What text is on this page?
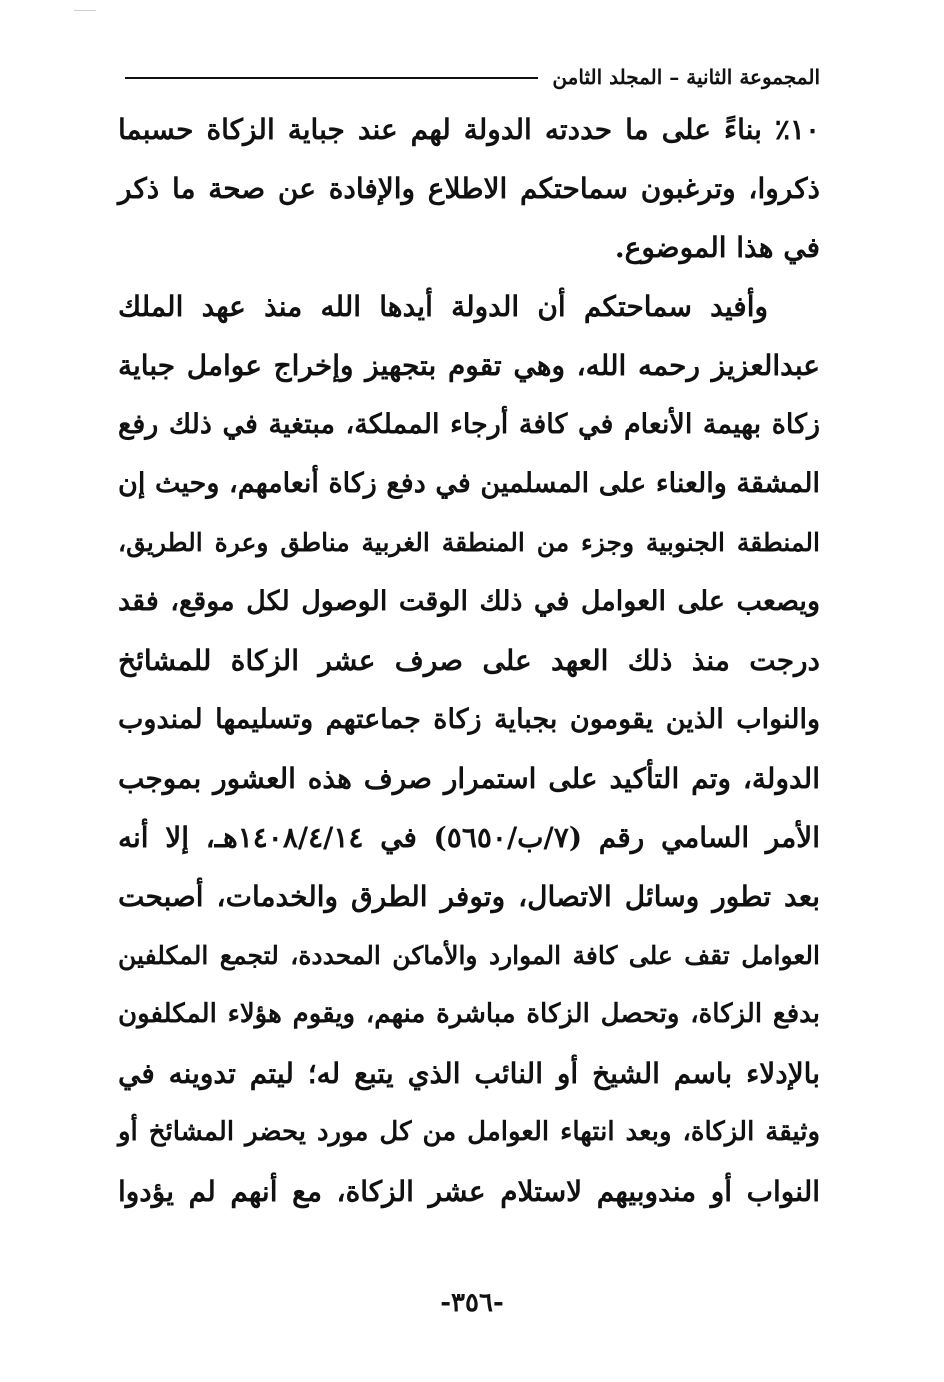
المجموعة الثانية – المجلد الثامن
١٠٪ بناءً على ما حددته الدولة لهم عند جباية الزكاة حسبما
ذكروا، وترغبون سماحتكم الاطلاع والإفادة عن صحة ما ذكر
في هذا الموضوع.
وأفيد سماحتكم أن الدولة أيدها الله منذ عهد الملك
عبدالعزيز رحمه الله، وهي تقوم بتجهيز وإخراج عوامل جباية
زكاة بهيمة الأنعام في كافة أرجاء المملكة، مبتغية في ذلك رفع
المشقة والعناء على المسلمين في دفع زكاة أنعامهم، وحيث إن
المنطقة الجنوبية وجزء من المنطقة الغربية مناطق وعرة الطريق،
ويصعب على العوامل في ذلك الوقت الوصول لكل موقع، فقد
درجت منذ ذلك العهد على صرف عشر الزكاة للمشائخ
والنواب الذين يقومون بجباية زكاة جماعتهم وتسليمها لمندوب
الدولة، وتم التأكيد على استمرار صرف هذه العشور بموجب
الأمر السامي رقم (٧/ب/٥٦٥٠) في ١٤٠٨/٤/١٤هـ، إلا أنه
بعد تطور وسائل الاتصال، وتوفر الطرق والخدمات، أصبحت
العوامل تقف على كافة الموارد والأماكن المحددة، لتجمع المكلفين
بدفع الزكاة، وتحصل الزكاة مباشرة منهم، ويقوم هؤلاء المكلفون
بالإدلاء باسم الشيخ أو النائب الذي يتبع له؛ ليتم تدوينه في
وثيقة الزكاة، وبعد انتهاء العوامل من كل مورد يحضر المشائخ أو
النواب أو مندوبيهم لاستلام عشر الزكاة، مع أنهم لم يؤدوا
-٣٥٦-
